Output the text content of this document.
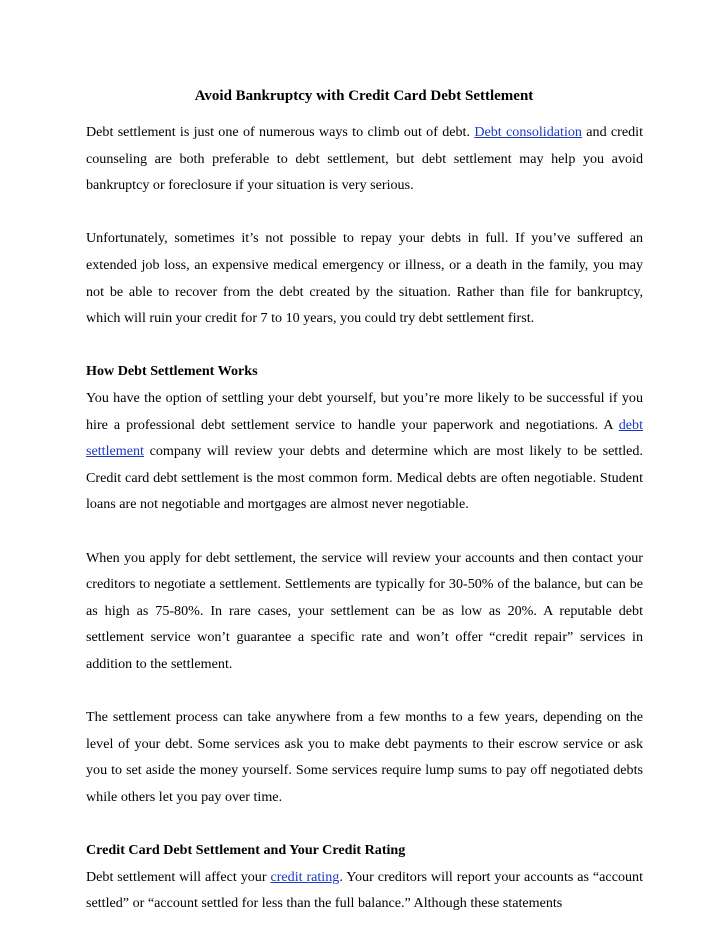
Avoid Bankruptcy with Credit Card Debt Settlement

Debt settlement is just one of numerous ways to climb out of debt. Debt consolidation and credit counseling are both preferable to debt settlement, but debt settlement may help you avoid bankruptcy or foreclosure if your situation is very serious.

Unfortunately, sometimes it’s not possible to repay your debts in full. If you’ve suffered an extended job loss, an expensive medical emergency or illness, or a death in the family, you may not be able to recover from the debt created by the situation. Rather than file for bankruptcy, which will ruin your credit for 7 to 10 years, you could try debt settlement first.

How Debt Settlement Works

You have the option of settling your debt yourself, but you’re more likely to be successful if you hire a professional debt settlement service to handle your paperwork and negotiations. A debt settlement company will review your debts and determine which are most likely to be settled. Credit card debt settlement is the most common form. Medical debts are often negotiable. Student loans are not negotiable and mortgages are almost never negotiable.

When you apply for debt settlement, the service will review your accounts and then contact your creditors to negotiate a settlement. Settlements are typically for 30-50% of the balance, but can be as high as 75-80%. In rare cases, your settlement can be as low as 20%. A reputable debt settlement service won’t guarantee a specific rate and won’t offer “credit repair” services in addition to the settlement.

The settlement process can take anywhere from a few months to a few years, depending on the level of your debt. Some services ask you to make debt payments to their escrow service or ask you to set aside the money yourself. Some services require lump sums to pay off negotiated debts while others let you pay over time.

Credit Card Debt Settlement and Your Credit Rating

Debt settlement will affect your credit rating. Your creditors will report your accounts as “account settled” or “account settled for less than the full balance.” Although these statements
